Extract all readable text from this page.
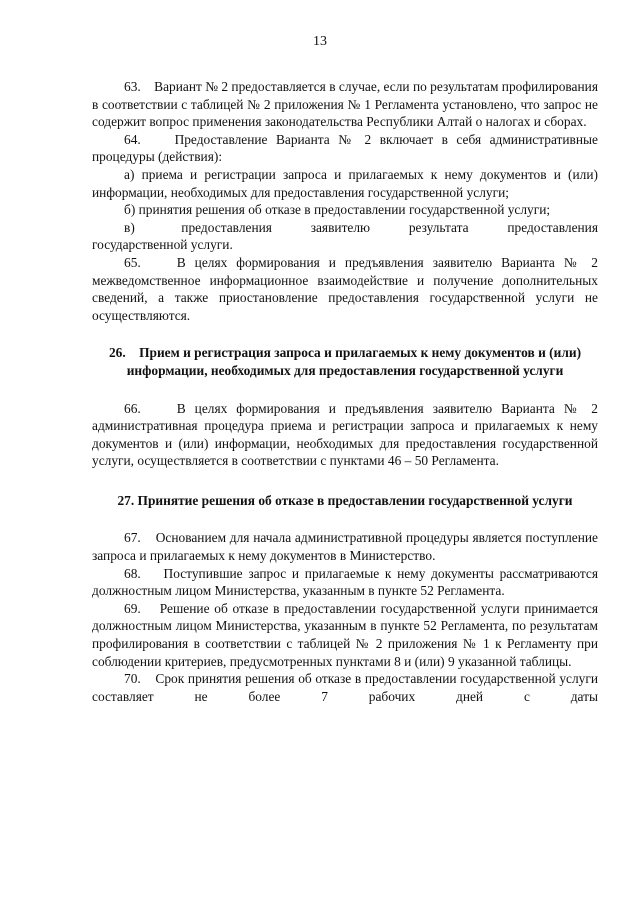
13

63.    Вариант № 2 предоставляется в случае, если по результатам профилирования в соответствии с таблицей № 2 приложения № 1 Регламента установлено, что запрос не содержит вопрос применения законодательства Республики Алтай о налогах и сборах.

64.    Предоставление Варианта № 2 включает в себя административные процедуры (действия):

а) приема и регистрации запроса и прилагаемых к нему документов и (или) информации, необходимых для предоставления государственной услуги;

б) принятия решения об отказе в предоставлении государственной услуги;

в)      предоставления     заявителю     результата     предоставления государственной услуги.

65.    В целях формирования и предъявления заявителю Варианта № 2 межведомственное информационное взаимодействие и получение дополнительных сведений, а также приостановление предоставления государственной услуги не осуществляются.

26.    Прием и регистрация запроса и прилагаемых к нему документов и (или) информации, необходимых для предоставления государственной услуги

66.    В целях формирования и предъявления заявителю Варианта № 2 административная процедура приема и регистрации запроса и прилагаемых к нему документов и (или) информации, необходимых для предоставления государственной услуги, осуществляется в соответствии с пунктами 46 – 50 Регламента.

27. Принятие решения об отказе в предоставлении государственной услуги

67.    Основанием для начала административной процедуры является поступление запроса и прилагаемых к нему документов в Министерство.

68.    Поступившие запрос и прилагаемые к нему документы рассматриваются должностным лицом Министерства, указанным в пункте 52 Регламента.

69.    Решение об отказе в предоставлении государственной услуги принимается должностным лицом Министерства, указанным в пункте 52 Регламента, по результатам профилирования в соответствии с таблицей № 2 приложения № 1 к Регламенту при соблюдении критериев, предусмотренных пунктами 8 и (или) 9 указанной таблицы.

70.    Срок принятия решения об отказе в предоставлении государственной услуги составляет не более 7 рабочих дней с даты
